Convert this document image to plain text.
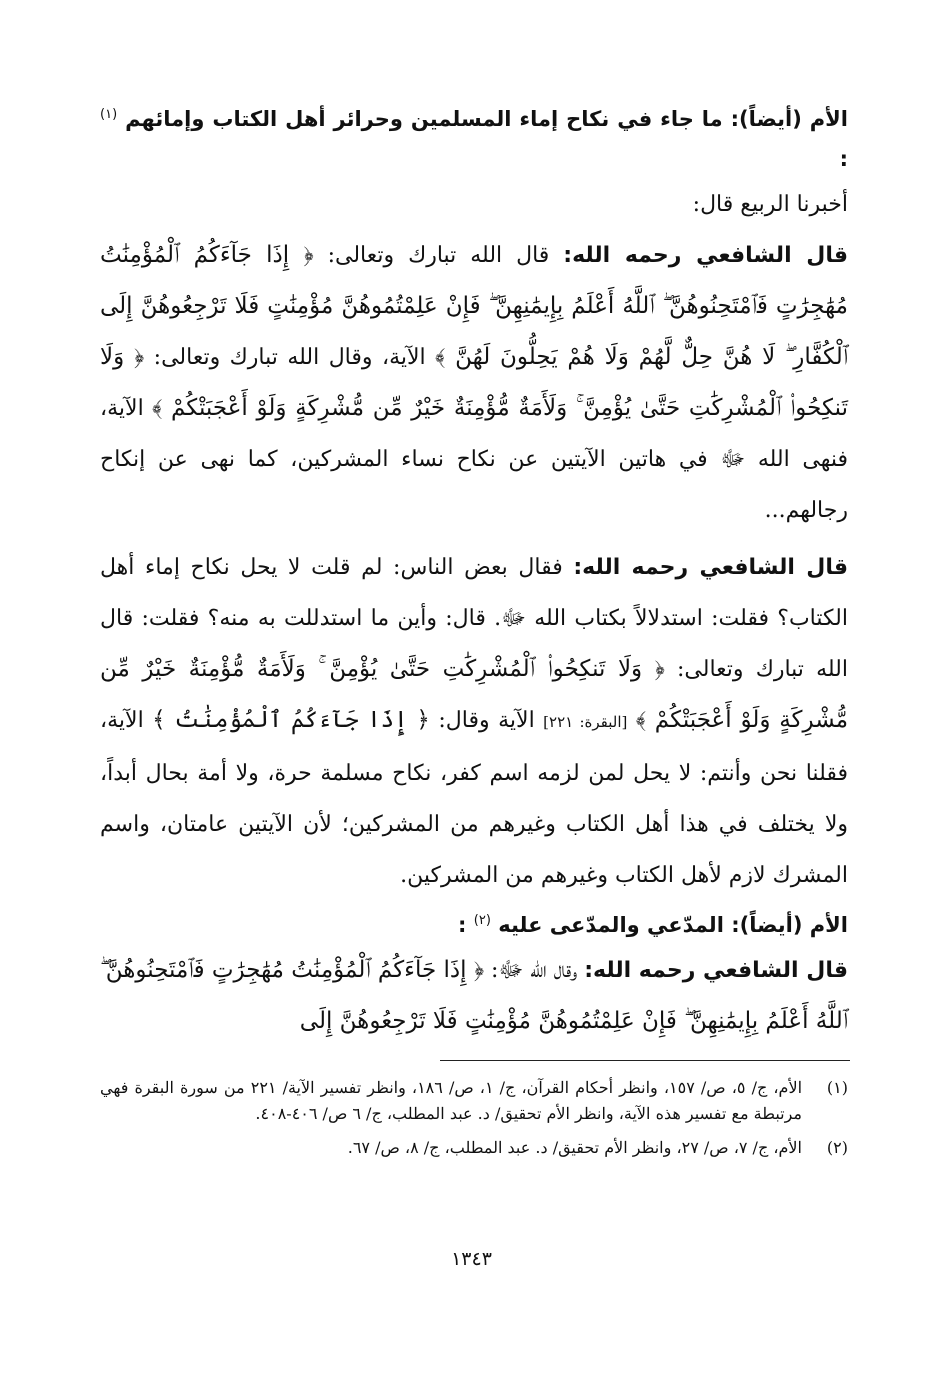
الأم (أيضاً): ما جاء في نكاح إماء المسلمين وحرائر أهل الكتاب وإمائهم $^{(١)}$ :

أخبرنا الربيع قال:

قال الشافعي رحمه الله: قال الله تبارك وتعالى: ﴿ إِذَا جَآءَكُمُ ٱلْمُؤْمِنَٰتُ مُهَٰجِرَٰتٍ فَٱمْتَحِنُوهُنَّ ۖ ٱللَّهُ أَعْلَمُ بِإِيمَٰنِهِنَّ ۖ فَإِنْ عَلِمْتُمُوهُنَّ مُؤْمِنَٰتٍ فَلَا تَرْجِعُوهُنَّ إِلَى ٱلْكُفَّارِ ۖ لَا هُنَّ حِلٌّ لَّهُمْ وَلَا هُمْ يَحِلُّونَ لَهُنَّ ﴾ الآية، وقال الله تبارك وتعالى: ﴿ وَلَا تَنكِحُوا۟ ٱلْمُشْرِكَٰتِ حَتَّىٰ يُؤْمِنَّ ۚ وَلَأَمَةٌ مُّؤْمِنَةٌ خَيْرٌ مِّن مُّشْرِكَةٍ وَلَوْ أَعْجَبَتْكُمْ ﴾ الآية، فنهى الله ﷻ في هاتين الآيتين عن نكاح نساء المشركين، كما نهى عن إنكاح رجالهم...

قال الشافعي رحمه الله: فقال بعض الناس: لم قلت لا يحل نكاح إماء أهل الكتاب؟ فقلت: استدلالاً بكتاب الله ﷻ. قال: وأين ما استدللت به منه؟ فقلت: قال الله تبارك وتعالى: ﴿ وَلَا تَنكِحُوا۟ ٱلْمُشْرِكَٰتِ حَتَّىٰ يُؤْمِنَّ ۚ وَلَأَمَةٌ مُّؤْمِنَةٌ خَيْرٌ مِّن مُّشْرِكَةٍ وَلَوْ أَعْجَبَتْكُمْ ﴾ [البقرة: ٢٢١] الآية وقال: ﴿ إِذَا جَآءَكُمُ ٱلْمُؤْمِنَٰتُ ﴾ الآية، فقلنا نحن وأنتم: لا يحل لمن لزمه اسم كفر، نكاح مسلمة حرة، ولا أمة بحال أبداً، ولا يختلف في هذا أهل الكتاب وغيرهم من المشركين؛ لأن الآيتين عامتان، واسم المشرك لازم لأهل الكتاب وغيرهم من المشركين.

الأم (أيضاً): المدّعي والمدّعى عليه $^{(٢)}$ :

قال الشافعي رحمه الله: وقال الله ﷻ: ﴿ إِذَا جَآءَكُمُ ٱلْمُؤْمِنَٰتُ مُهَٰجِرَٰتٍ فَٱمْتَحِنُوهُنَّ ۖ ٱللَّهُ أَعْلَمُ بِإِيمَٰنِهِنَّ ۖ فَإِنْ عَلِمْتُمُوهُنَّ مُؤْمِنَٰتٍ فَلَا تَرْجِعُوهُنَّ إِلَى

(١)
الأم، ج/ ٥، ص/ ١٥٧، وانظر أحكام القرآن، ج/ ١، ص/ ١٨٦، وانظر تفسير الآية/ ٢٢١ من سورة البقرة فهي مرتبطة مع تفسير هذه الآية، وانظر الأم تحقيق/ د. عبد المطلب، ج/ ٦ ص/ ٤٠٦-٤٠٨.
(٢)
الأم، ج/ ٧، ص/ ٢٧، وانظر الأم تحقيق/ د. عبد المطلب، ج/ ٨، ص/ ٦٧.
١٣٤٣
